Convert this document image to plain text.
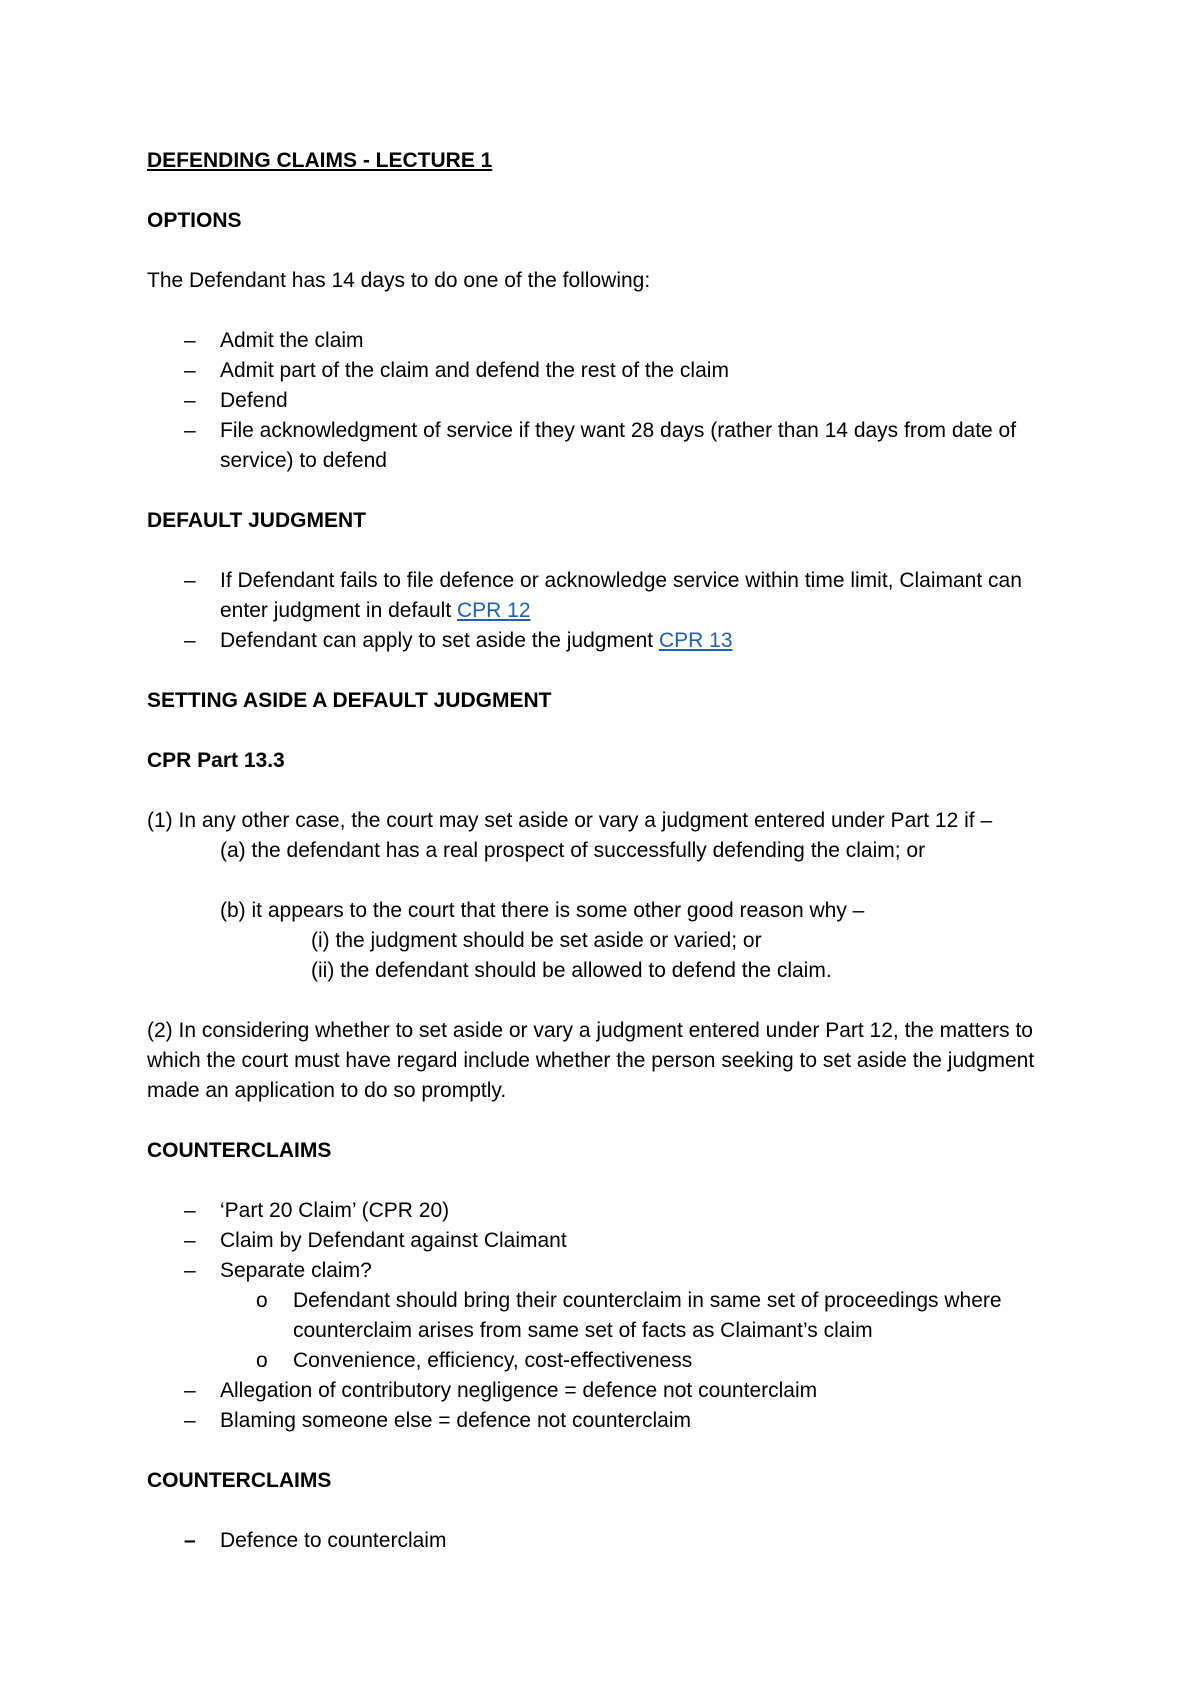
DEFENDING CLAIMS - LECTURE 1

OPTIONS

The Defendant has 14 days to do one of the following:

–	Admit the claim
–	Admit part of the claim and defend the rest of the claim
–	Defend
–	File acknowledgment of service if they want 28 days (rather than 14 days from date of service) to defend

DEFAULT JUDGMENT

–	If Defendant fails to file defence or acknowledge service within time limit, Claimant can enter judgment in default CPR 12
–	Defendant can apply to set aside the judgment CPR 13

SETTING ASIDE A DEFAULT JUDGMENT

CPR Part 13.3

(1) In any other case, the court may set aside or vary a judgment entered under Part 12 if –

(a) the defendant has a real prospect of successfully defending the claim; or

(b) it appears to the court that there is some other good reason why –

(i) the judgment should be set aside or varied; or

(ii) the defendant should be allowed to defend the claim.

(2) In considering whether to set aside or vary a judgment entered under Part 12, the matters to which the court must have regard include whether the person seeking to set aside the judgment made an application to do so promptly.

COUNTERCLAIMS

–	‘Part 20 Claim’ (CPR 20)
–	Claim by Defendant against Claimant
–	Separate claim?
o	Defendant should bring their counterclaim in same set of proceedings where counterclaim arises from same set of facts as Claimant’s claim
o	Convenience, efficiency, cost-effectiveness
–	Allegation of contributory negligence = defence not counterclaim
–	Blaming someone else = defence not counterclaim

COUNTERCLAIMS

–	Defence to counterclaim
